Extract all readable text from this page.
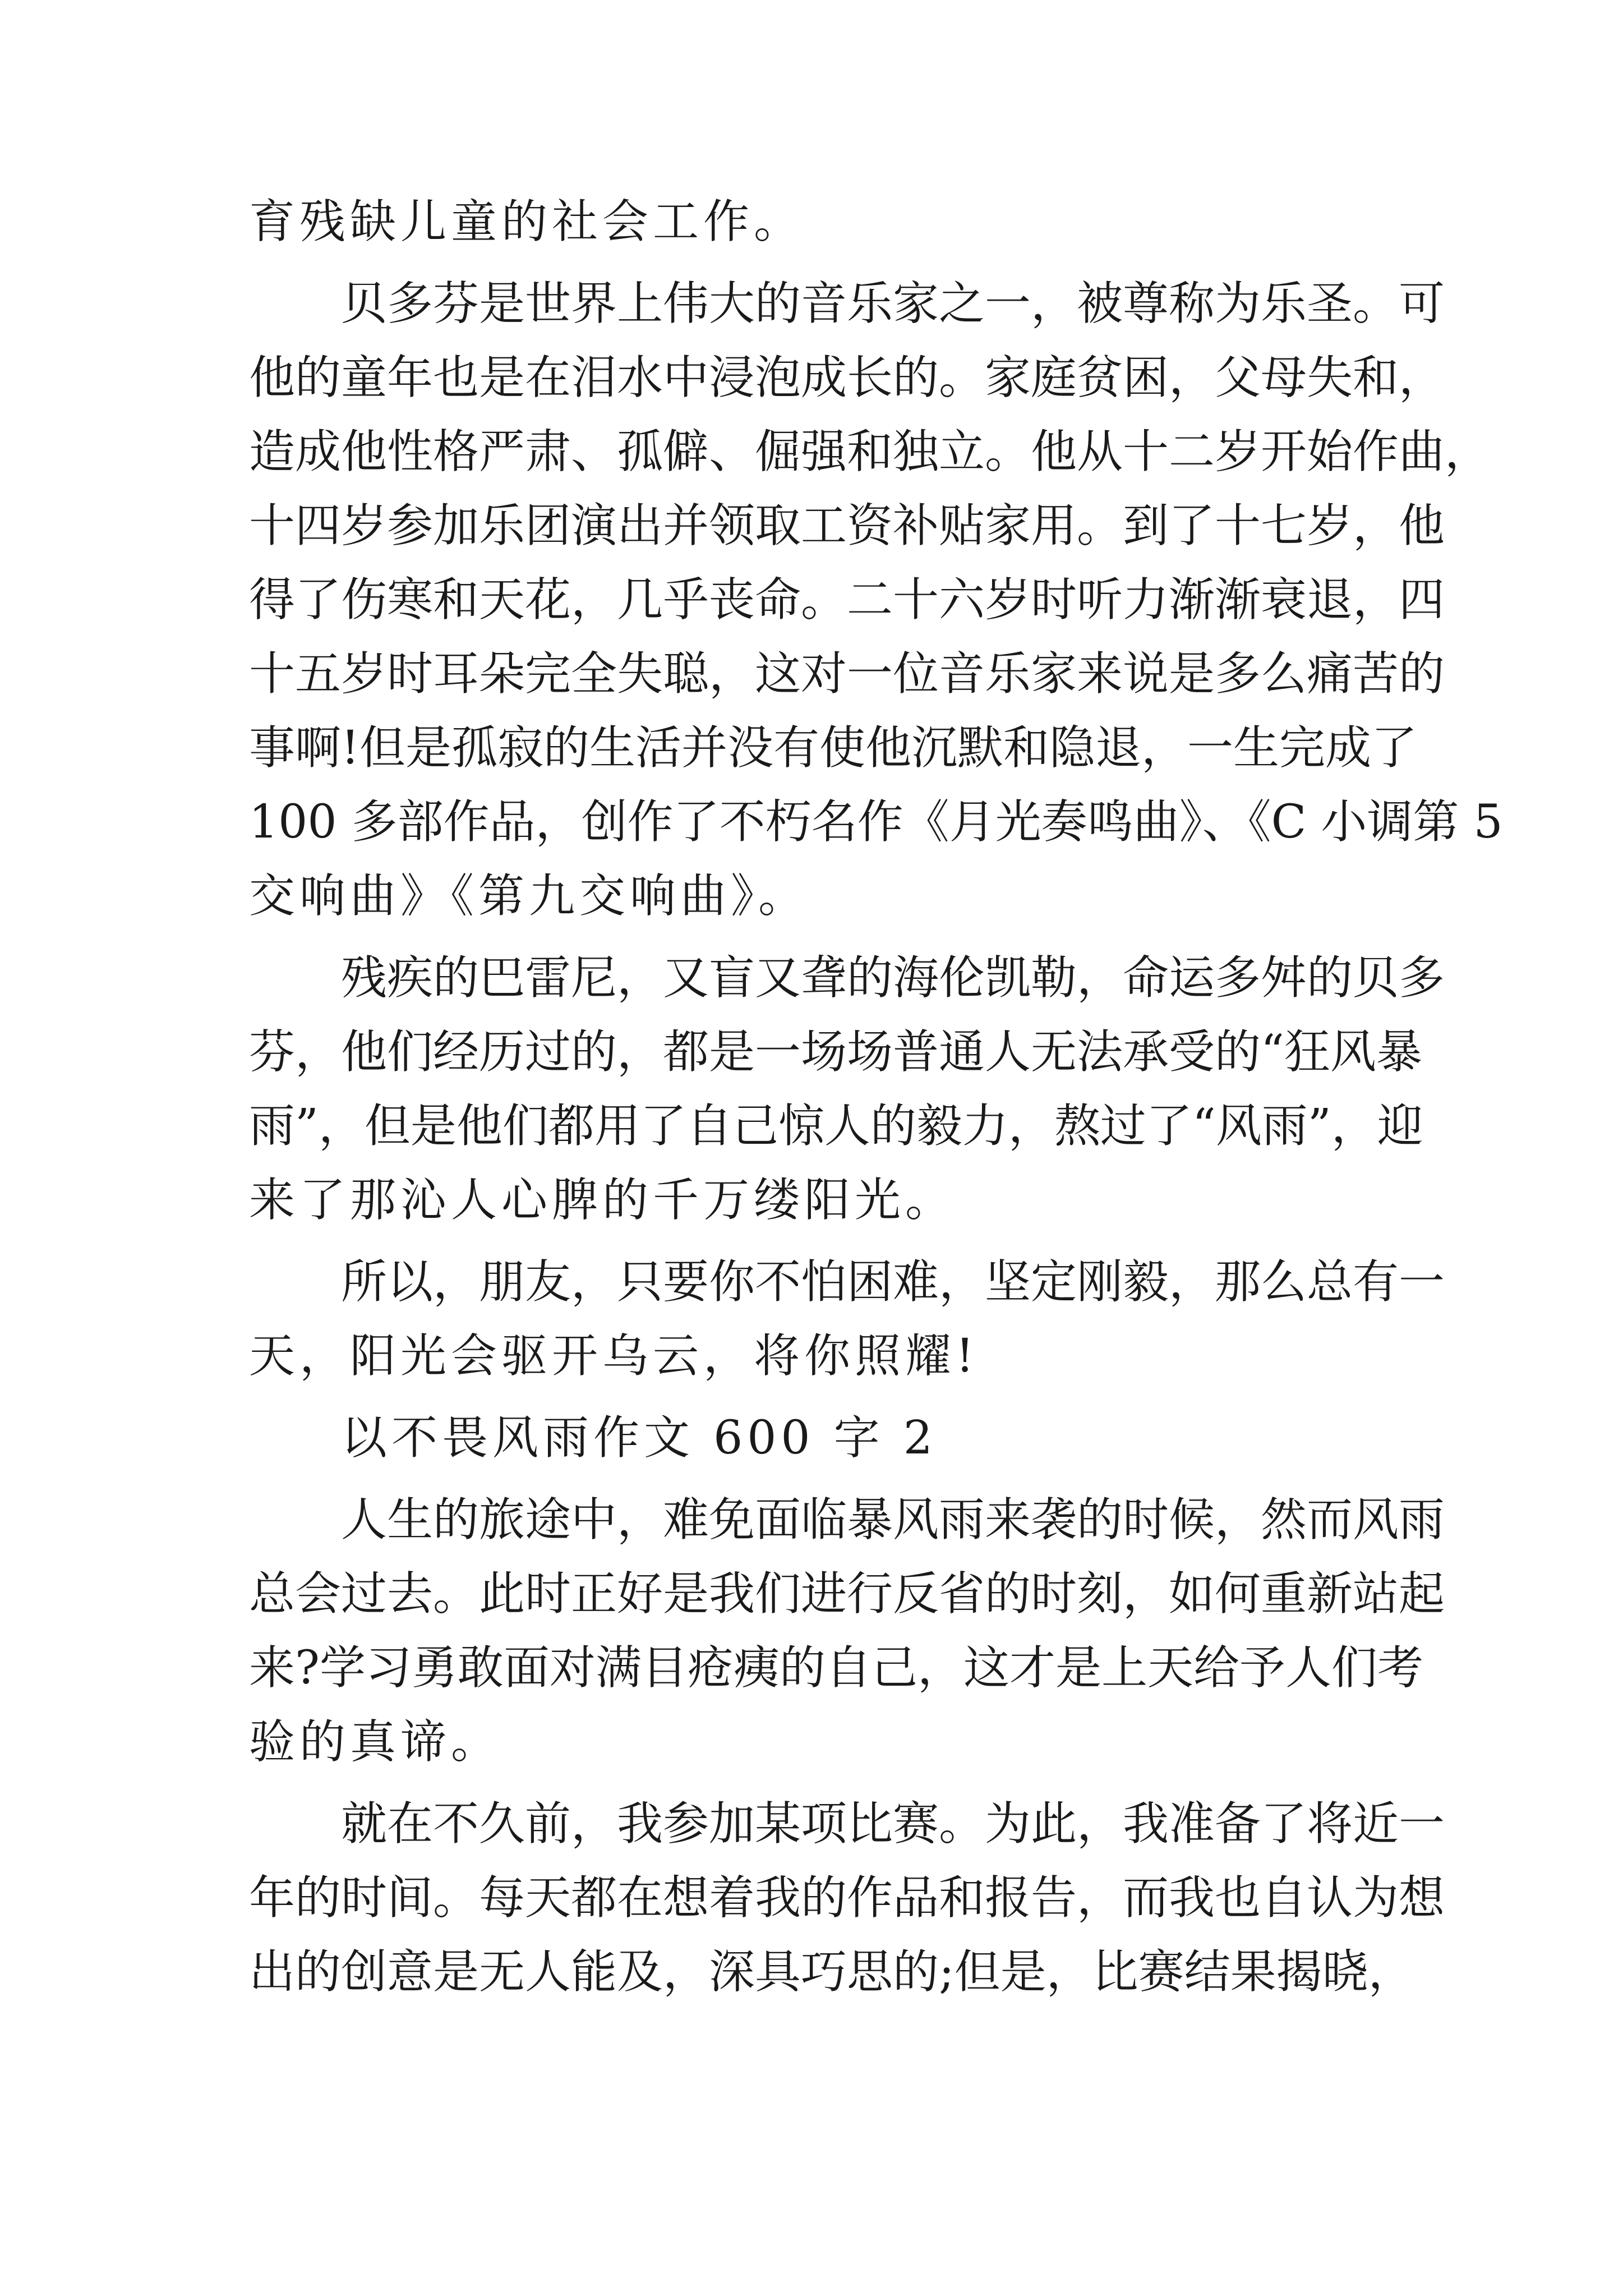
育残缺儿童的社会工作。
贝多芬是世界上伟大的音乐家之一，被尊称为乐圣。可
他的童年也是在泪水中浸泡成长的。家庭贫困，父母失和，
造成他性格严肃、孤僻、倔强和独立。他从十二岁开始作曲，
十四岁参加乐团演出并领取工资补贴家用。到了十七岁，他
得了伤寒和天花，几乎丧命。二十六岁时听力渐渐衰退，四
十五岁时耳朵完全失聪，这对一位音乐家来说是多么痛苦的
事啊!但是孤寂的生活并没有使他沉默和隐退，一生完成了
100 多部作品，创作了不朽名作《月光奏鸣曲》、《C 小调第 5
交响曲》《第九交响曲》。
残疾的巴雷尼，又盲又聋的海伦凯勒，命运多舛的贝多
芬，他们经历过的，都是一场场普通人无法承受的“狂风暴
雨”，但是他们都用了自己惊人的毅力，熬过了“风雨”，迎
来了那沁人心脾的千万缕阳光。
所以，朋友，只要你不怕困难，坚定刚毅，那么总有一
天，阳光会驱开乌云，将你照耀!
以不畏风雨作文 600 字 2
人生的旅途中，难免面临暴风雨来袭的时候，然而风雨
总会过去。此时正好是我们进行反省的时刻，如何重新站起
来?学习勇敢面对满目疮痍的自己，这才是上天给予人们考
验的真谛。
就在不久前，我参加某项比赛。为此，我准备了将近一
年的时间。每天都在想着我的作品和报告，而我也自认为想
出的创意是无人能及，深具巧思的;但是，比赛结果揭晓，
